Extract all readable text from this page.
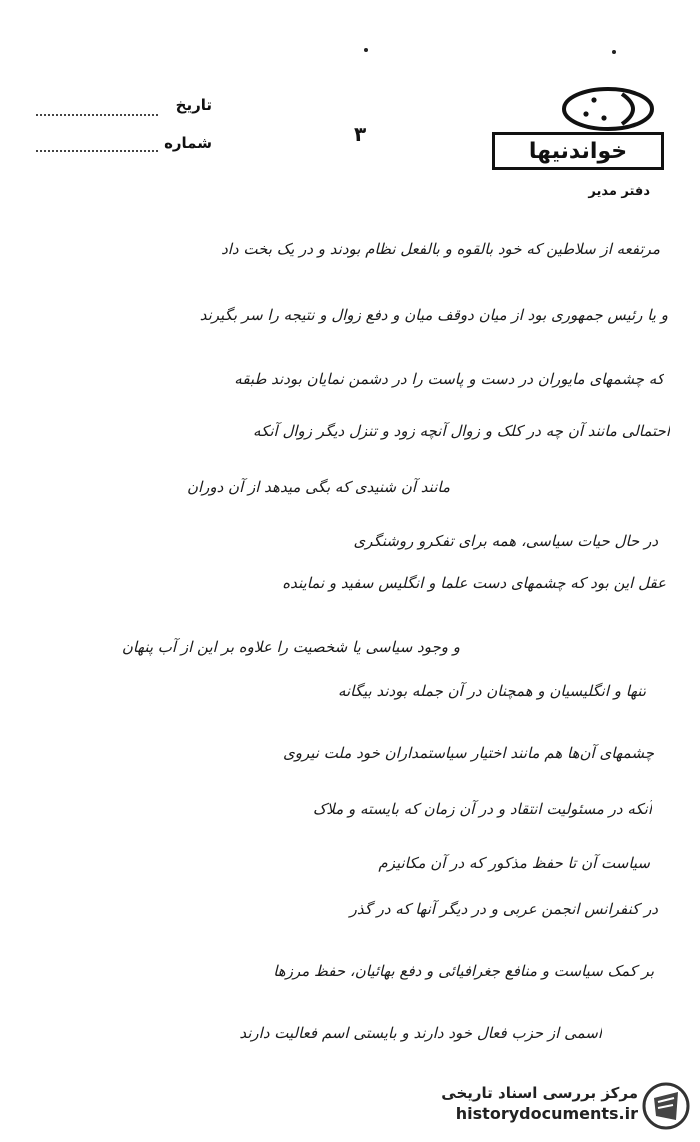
تاریخ
شماره	۳
خواندنیها
دفتر مدیر
مرتفعه از سلاطین که خود بالقوه و بالفعل نظام بودند و در یک بخت داد
و یا رئیس جمهوری بود از میان دوقف میان و دفع زوال و نتیجه را سر بگیرند
که چشمهای مایوران در دست و پاست را در دشمن نمایان بودند طبقه
احتمالی مانند آن چه در کلک و زوال آنچه زود و تنزل دیگر زوال آنکه
مانند آن شنیدی که بگی میدهد از آن دوران
در حال حیات سیاسی، همه برای تفکرو روشنگری
عقل این بود که چشمهای دست علما و انگلیس سفید و نماینده
و وجود سیاسی یا شخصیت را علاوه بر این از آب پنهان
تنها و انگلیسیان و همچنان در آن جمله بودند بیگانه
چشمهای آن‌ها هم مانند اختیار سیاستمداران خود ملت نیروی
آنکه در مسئولیت انتقاد و در آن زمان که بایسته و ملاک
سیاست آن تا حفظ مذکور که در آن مکانیزم
در کنفرانس انجمن عربی و در دیگر آنها که در گذر
بر کمک سیاست و منافع جغرافیائی و دفع بهائیان، حفظ مرزها
اسمی از حزب فعال خود دارند و بایستی اسم فعالیت دارند
مرکز بررسی اسناد تاریخی
historydocuments.ir
